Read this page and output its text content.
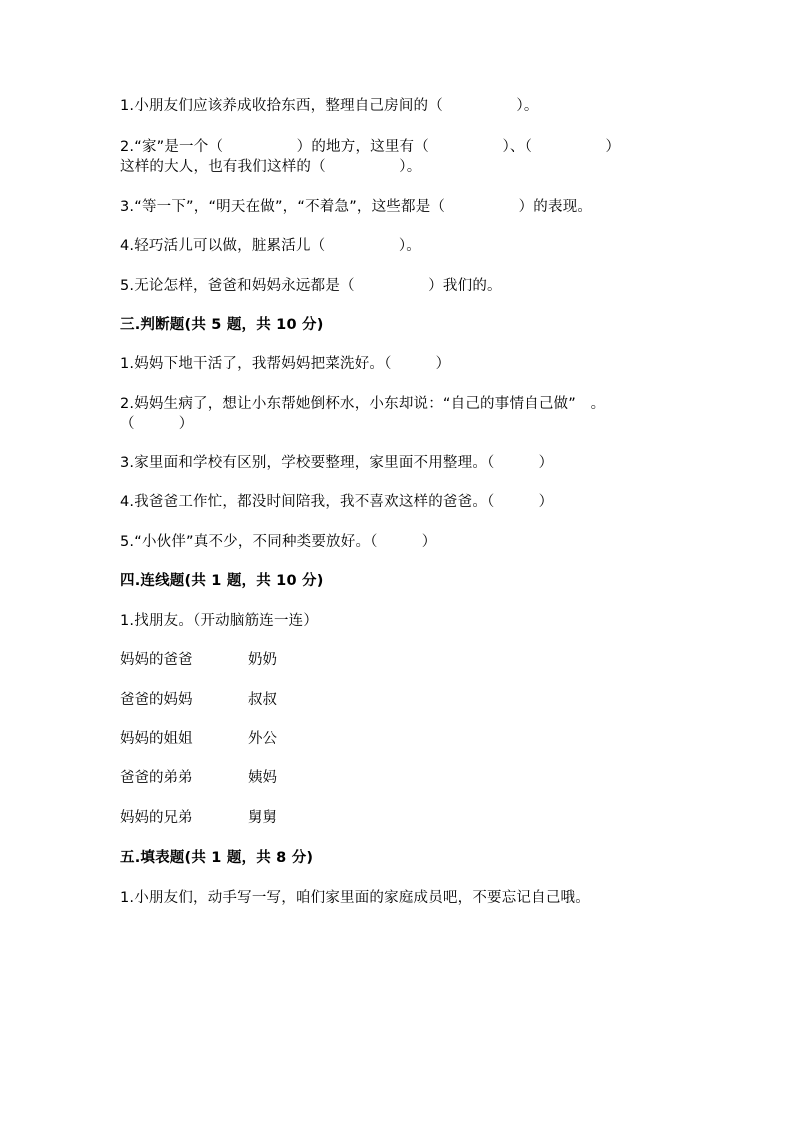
1.小朋友们应该养成收拾东西，整理自己房间的（　　　　　）。

2.“家”是一个（　　　　　）的地方，这里有（　　　　　）、（　　　　　）

这样的大人，也有我们这样的（　　　　　）。

3.“等一下”，“明天在做”，“不着急”，这些都是（　　　　　）的表现。

4.轻巧活儿可以做，脏累活儿（　　　　　）。

5.无论怎样，爸爸和妈妈永远都是（　　　　　）我们的。

三.判断题(共 5 题，共 10 分)

1.妈妈下地干活了，我帮妈妈把菜洗好。（　　　）

2.妈妈生病了，想让小东帮她倒杯水，小东却说：“自己的事情自己做”　。

（　　　）

3.家里面和学校有区别，学校要整理，家里面不用整理。（　　　）

4.我爸爸工作忙，都没时间陪我，我不喜欢这样的爸爸。（　　　）

5.“小伙伴”真不少，不同种类要放好。（　　　）

四.连线题(共 1 题，共 10 分)

1.找朋友。（开动脑筋连一连）

妈妈的爸爸	奶奶

爸爸的妈妈	叔叔

妈妈的姐姐	外公

爸爸的弟弟	姨妈

妈妈的兄弟	舅舅

五.填表题(共 1 题，共 8 分)

1.小朋友们，动手写一写，咱们家里面的家庭成员吧，不要忘记自己哦。
